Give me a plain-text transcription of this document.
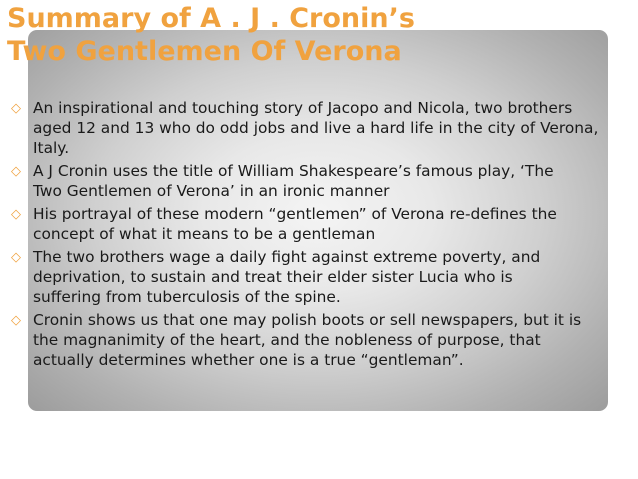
Summary of A . J . Cronin’s
Two Gentlemen Of Verona
◇ An inspirational and touching story of Jacopo and Nicola, two brothers
aged 12 and 13 who do odd jobs and live a hard life in the city of Verona,
Italy.
◇ A J Cronin uses the title of William Shakespeare’s famous play, ‘The
Two Gentlemen of Verona’ in an ironic manner
◇ His portrayal of these modern “gentlemen” of Verona re-defines the
concept of what it means to be a gentleman
◇ The two brothers wage a daily fight against extreme poverty, and
deprivation, to sustain and treat their elder sister Lucia who is
suffering from tuberculosis of the spine.
◇ Cronin shows us that one may polish boots or sell newspapers, but it is
the magnanimity of the heart, and the nobleness of purpose, that
actually determines whether one is a true “gentleman”.
